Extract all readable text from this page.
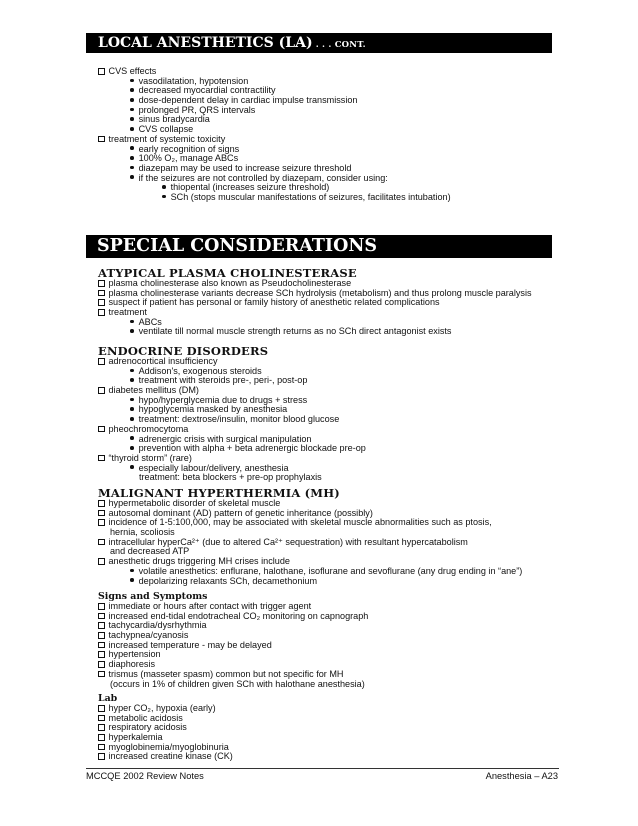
LOCAL ANESTHETICS (LA) . . . CONT.
CVS effects
vasodilatation, hypotension
decreased myocardial contractility
dose-dependent delay in cardiac impulse transmission
prolonged PR, QRS intervals
sinus bradycardia
CVS collapse
treatment of systemic toxicity
early recognition of signs
100% O₂, manage ABCs
diazepam may be used to increase seizure threshold
if the seizures are not controlled by diazepam, consider using:
thiopental (increases seizure threshold)
SCh (stops muscular manifestations of seizures, facilitates intubation)
SPECIAL CONSIDERATIONS
ATYPICAL PLASMA CHOLINESTERASE
plasma cholinesterase also known as Pseudocholinesterase
plasma cholinesterase variants decrease SCh hydrolysis (metabolism) and thus prolong muscle paralysis
suspect if patient has personal or family history of anesthetic related complications
treatment
ABCs
ventilate till normal muscle strength returns as no SCh direct antagonist exists
ENDOCRINE DISORDERS
adrenocortical insufficiency
Addison's, exogenous steroids
treatment with steroids pre-, peri-, post-op
diabetes mellitus (DM)
hypo/hyperglycemia due to drugs + stress
hypoglycemia masked by anesthesia
treatment: dextrose/insulin, monitor blood glucose
pheochromocytoma
adrenergic crisis with surgical manipulation
prevention with alpha + beta adrenergic blockade pre-op
“thyroid storm” (rare)
especially labour/delivery, anesthesia
treatment: beta blockers + pre-op prophylaxis
MALIGNANT HYPERTHERMIA (MH)
hypermetabolic disorder of skeletal muscle
autosomal dominant (AD) pattern of genetic inheritance (possibly)
incidence of 1-5:100,000, may be associated with skeletal muscle abnormalities such as ptosis,
hernia, scoliosis
intracellular hyperCa²⁺ (due to altered Ca²⁺ sequestration) with resultant hypercatabolism
and decreased ATP
anesthetic drugs triggering MH crises include
volatile anesthetics: enflurane, halothane, isoflurane and sevoflurane (any drug ending in “ane”)
depolarizing relaxants SCh, decamethonium
Signs and Symptoms
immediate or hours after contact with trigger agent
increased end-tidal endotracheal CO₂ monitoring on capnograph
tachycardia/dysrhythmia
tachypnea/cyanosis
increased temperature - may be delayed
hypertension
diaphoresis
trismus (masseter spasm) common but not specific for MH
(occurs in 1% of children given SCh with halothane anesthesia)
Lab
hyper CO₂, hypoxia (early)
metabolic acidosis
respiratory acidosis
hyperkalemia
myoglobinemia/myoglobinuria
increased creatine kinase (CK)
MCCQE 2002 Review Notes	Anesthesia – A23
